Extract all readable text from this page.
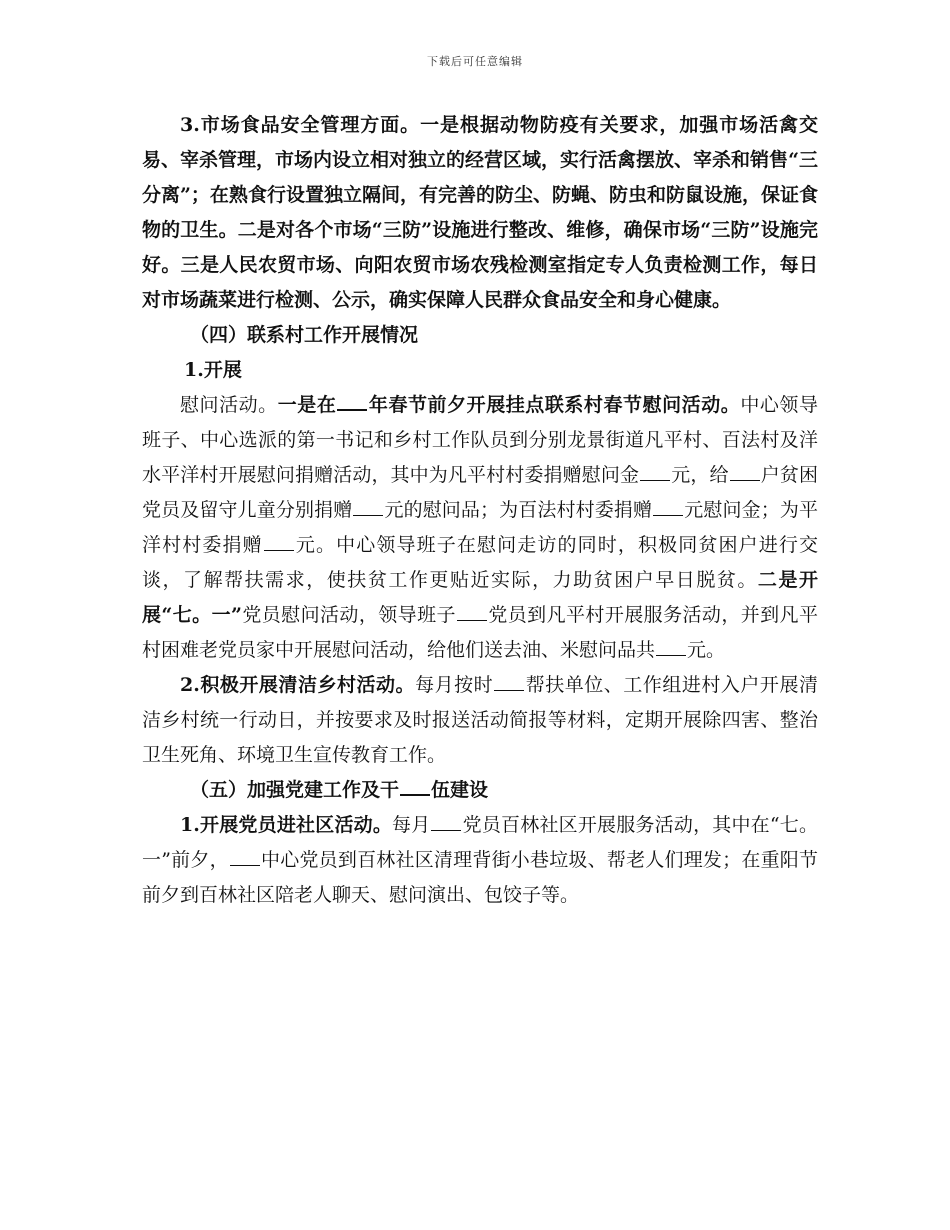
下载后可任意编辑

3.市场食品安全管理方面。一是根据动物防疫有关要求，加强市场活禽交易、宰杀管理，市场内设立相对独立的经营区域，实行活禽摆放、宰杀和销售“三分离”；在熟食行设置独立隔间，有完善的防尘、防蝇、防虫和防鼠设施，保证食物的卫生。二是对各个市场“三防”设施进行整改、维修，确保市场“三防”设施完好。三是人民农贸市场、向阳农贸市场农残检测室指定专人负责检测工作，每日对市场蔬菜进行检测、公示，确实保障人民群众食品安全和身心健康。

（四）联系村工作开展情况

1.开展

慰问活动。一是在 年春节前夕开展挂点联系村春节慰问活动。中心领导班子、中心选派的第一书记和乡村工作队员到分别龙景街道凡平村、百法村及洋水平洋村开展慰问捐赠活动，其中为凡平村村委捐赠慰问金 元，给 户贫困党员及留守儿童分别捐赠 元的慰问品；为百法村村委捐赠 元慰问金；为平洋村村委捐赠 元。中心领导班子在慰问走访的同时，积极同贫困户进行交谈，了解帮扶需求，使扶贫工作更贴近实际，力助贫困户早日脱贫。二是开展“七。一”党员慰问活动，领导班子 党员到凡平村开展服务活动，并到凡平村困难老党员家中开展慰问活动，给他们送去油、米慰问品共 元。

2.积极开展清洁乡村活动。每月按时 帮扶单位、工作组进村入户开展清洁乡村统一行动日，并按要求及时报送活动简报等材料，定期开展除四害、整治卫生死角、环境卫生宣传教育工作。

（五）加强党建工作及干 伍建设

1.开展党员进社区活动。每月 党员百林社区开展服务活动，其中在“七。一”前夕， 中心党员到百林社区清理背街小巷垃圾、帮老人们理发；在重阳节前夕到百林社区陪老人聊天、慰问演出、包饺子等。
